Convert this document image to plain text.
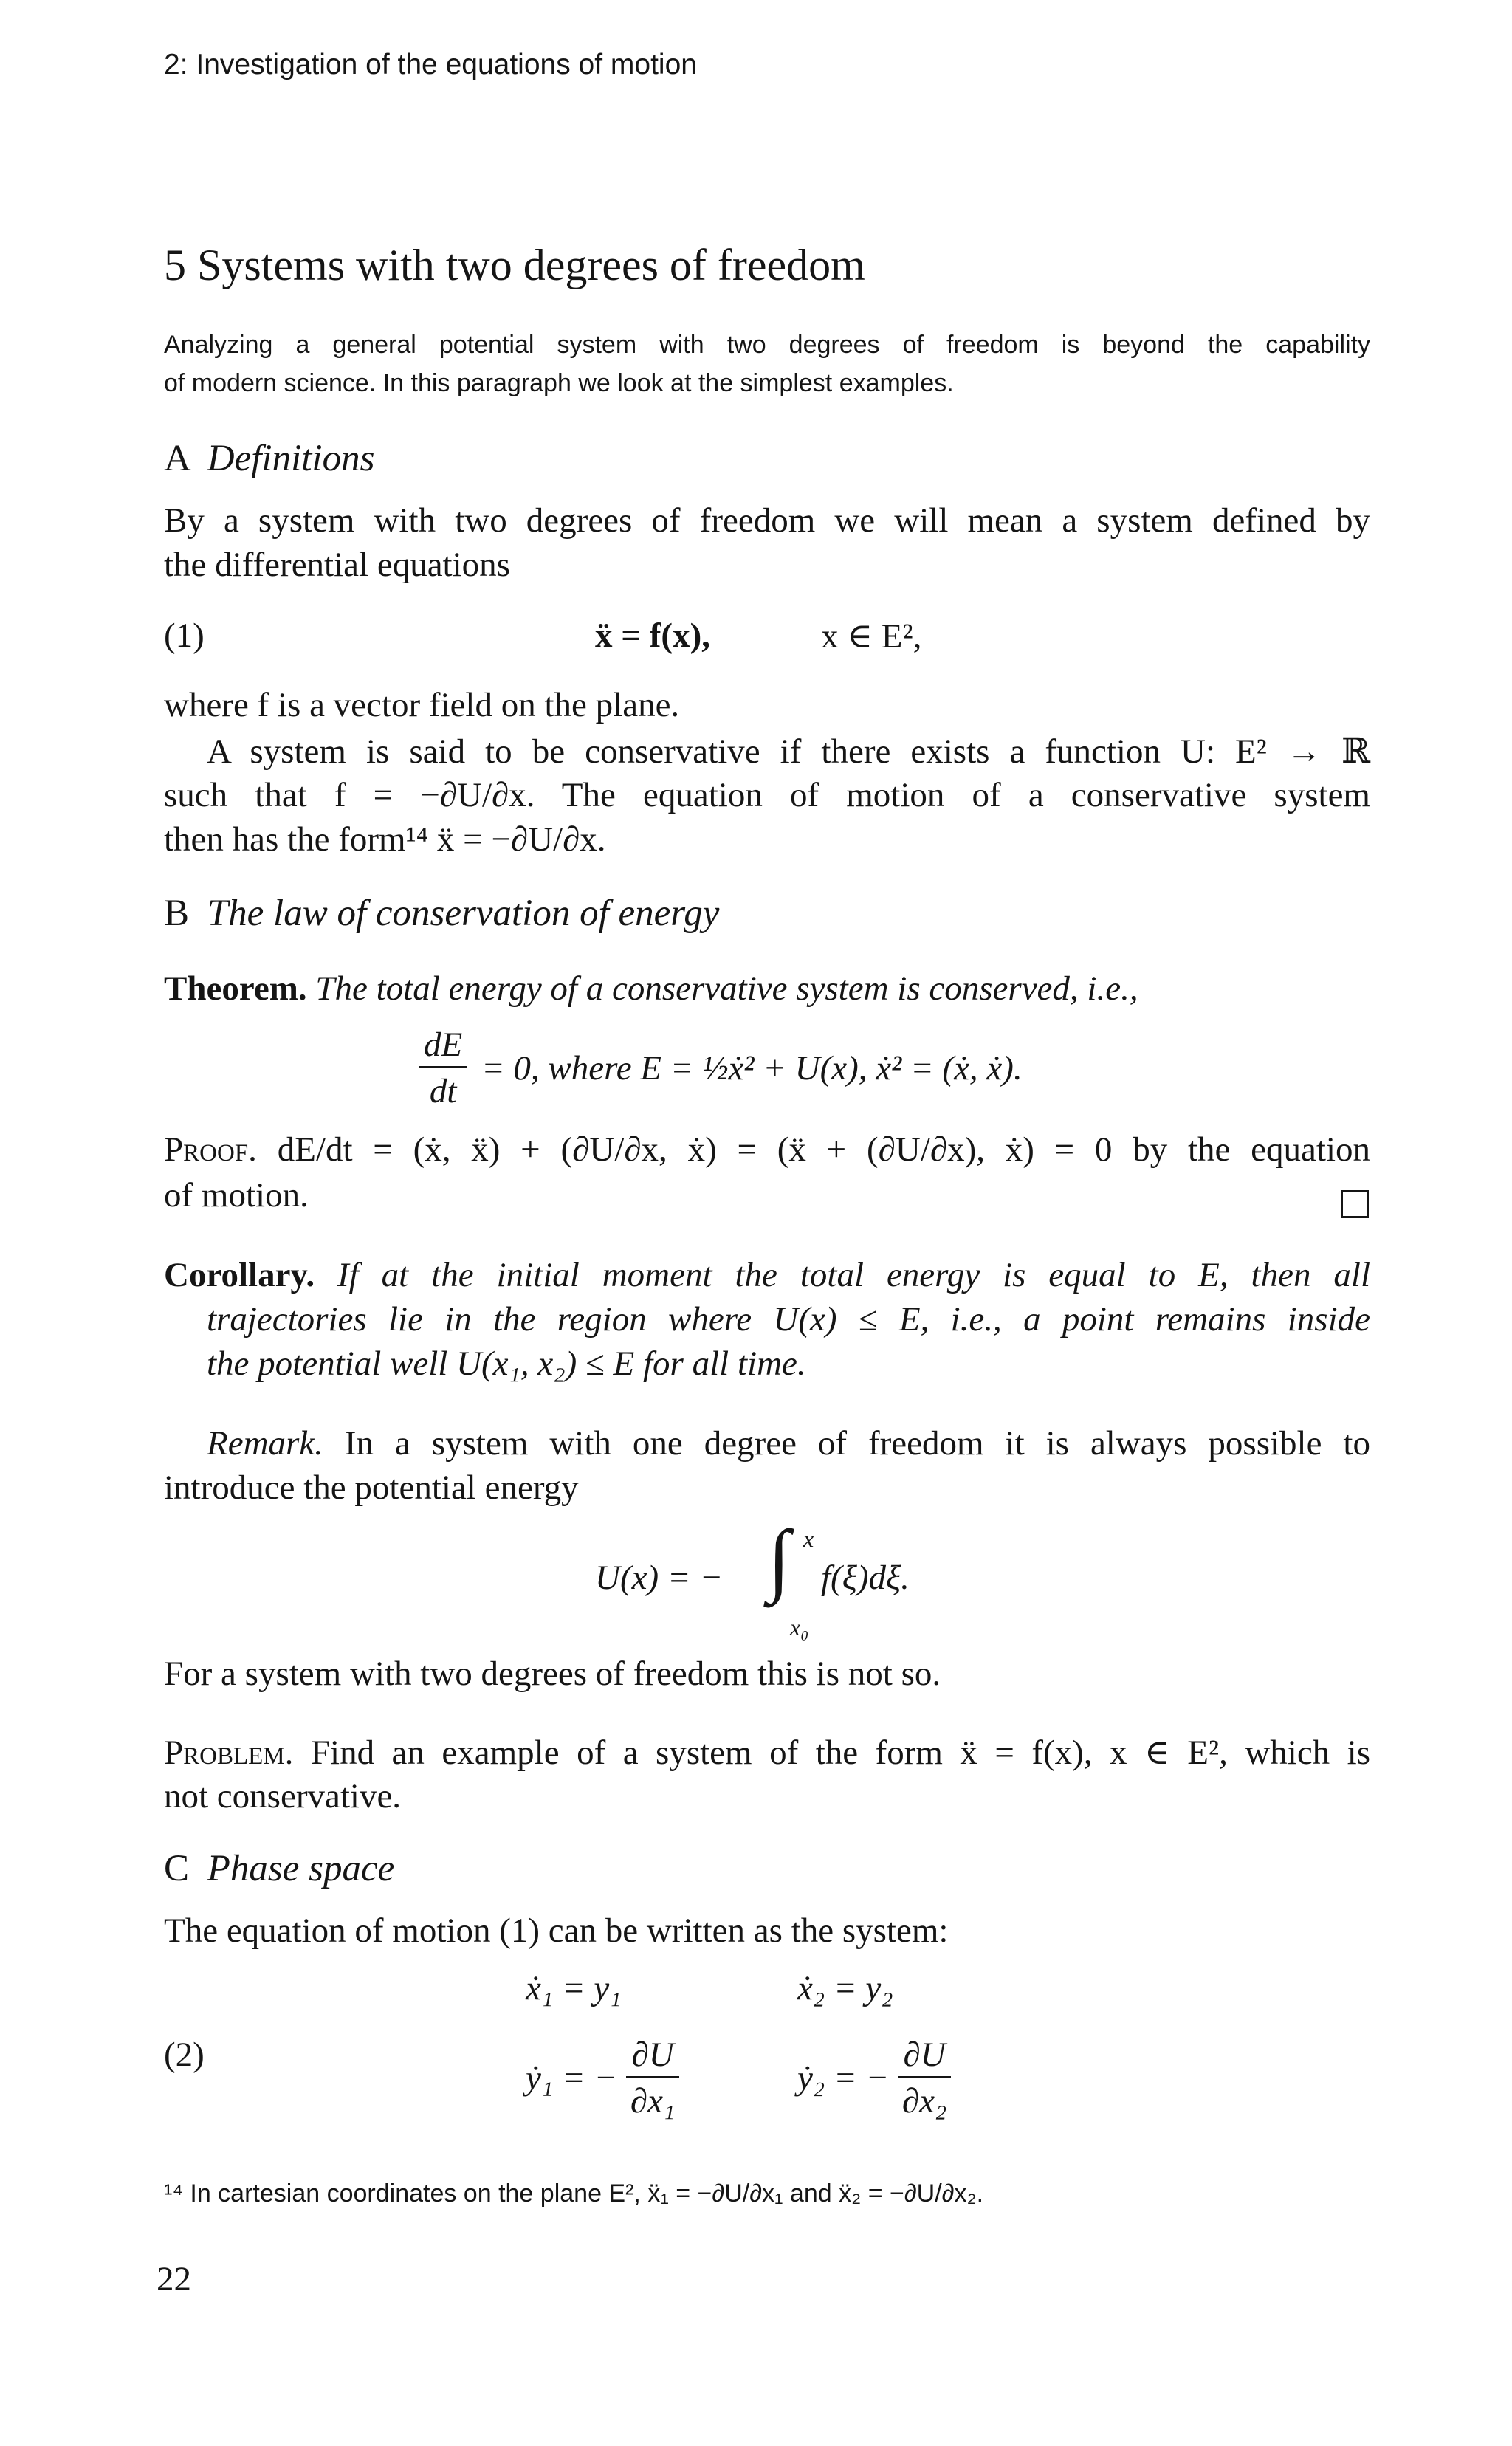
2: Investigation of the equations of motion
5 Systems with two degrees of freedom
Analyzing a general potential system with two degrees of freedom is beyond the capability
of modern science. In this paragraph we look at the simplest examples.
A Definitions
By a system with two degrees of freedom we will mean a system defined by
the differential equations
(1)	ẍ = f(x),	x ∈ E²,
where f is a vector field on the plane.
A system is said to be conservative if there exists a function U: E² → ℝ
such that f = −∂U/∂x. The equation of motion of a conservative system
then has the form¹⁴ ẍ = −∂U/∂x.
B The law of conservation of energy
Theorem. The total energy of a conservative system is conserved, i.e.,
$\frac{dE}{dt} = 0$, where E = ½ẋ² + U(x), ẋ² = (ẋ, ẋ).
Proof. dE/dt = (ẋ, ẍ) + (∂U/∂x, ẋ) = (ẍ + (∂U/∂x), ẋ) = 0 by the equation
of motion.
Corollary. If at the initial moment the total energy is equal to E, then all
trajectories lie in the region where U(x) ≤ E, i.e., a point remains inside
the potential well U(x₁, x₂) ≤ E for all time.
Remark. In a system with one degree of freedom it is always possible to
introduce the potential energy
U(x) = − ∫ x
x₀
f(ξ)dξ.
For a system with two degrees of freedom this is not so.
Problem. Find an example of a system of the form ẍ = f(x), x ∈ E², which is
not conservative.
C Phase space
The equation of motion (1) can be written as the system:
ẋ₁ = y₁	ẋ₂ = y₂
(2)
ẏ₁ = − $\frac{\partial U}{\text{∂x₁}}$	ẏ₂ = − $\frac{\partial U}{\text{∂x₂}}$
¹⁴ In cartesian coordinates on the plane E², ẍ₁ = −∂U/∂x₁ and ẍ₂ = −∂U/∂x₂.
22
